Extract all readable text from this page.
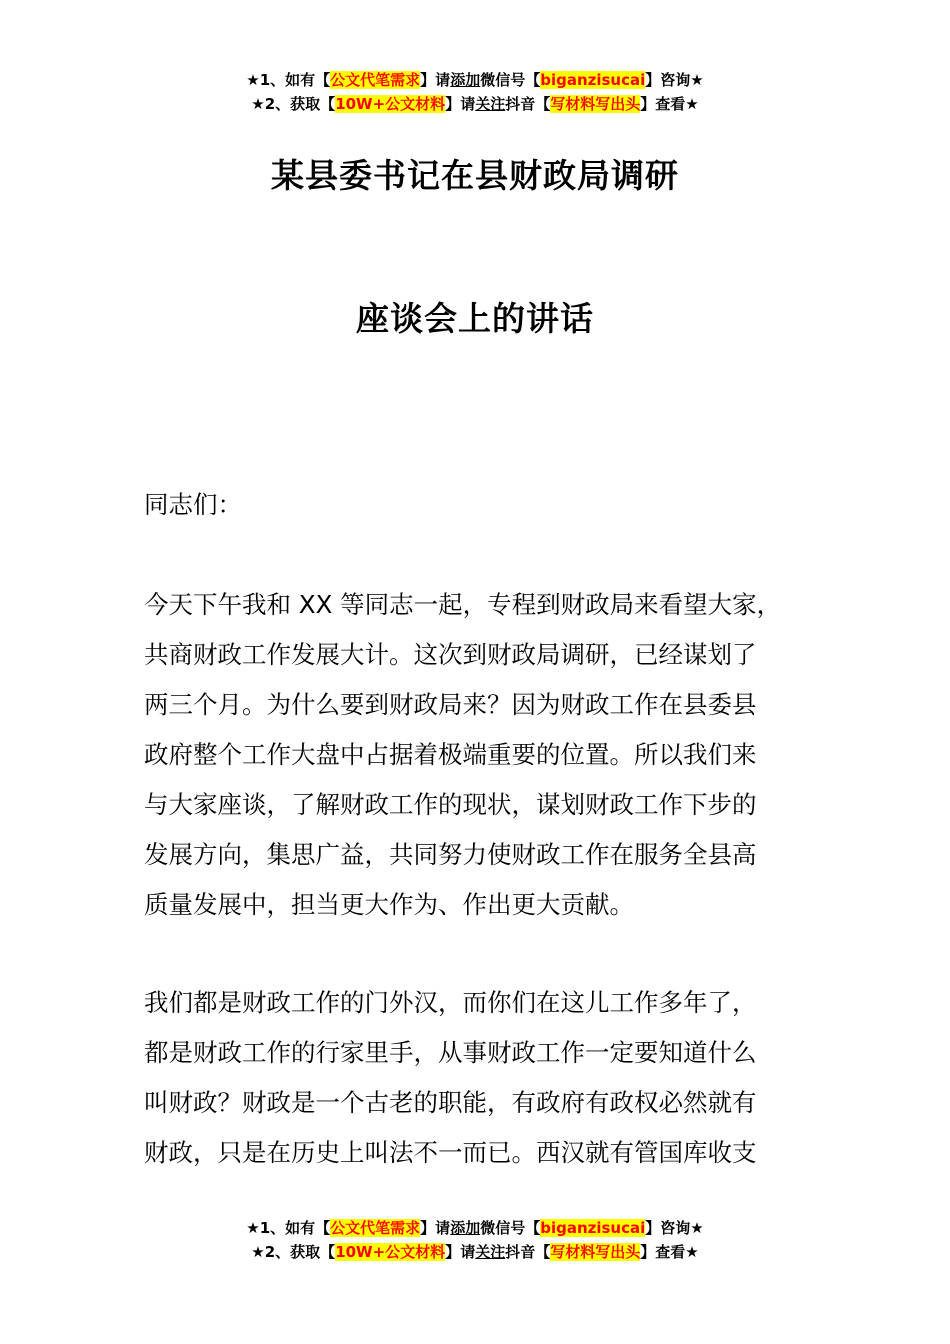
★1、如有【公文代笔需求】请添加微信号【biganzisucai】咨询★
★2、获取【10W+公文材料】请关注抖音【写材料写出头】查看★
某县委书记在县财政局调研
座谈会上的讲话
同志们：
今天下午我和 XX 等同志一起，专程到财政局来看望大家，
共商财政工作发展大计。这次到财政局调研，已经谋划了
两三个月。为什么要到财政局来？因为财政工作在县委县
政府整个工作大盘中占据着极端重要的位置。所以我们来
与大家座谈，了解财政工作的现状，谋划财政工作下步的
发展方向，集思广益，共同努力使财政工作在服务全县高
质量发展中，担当更大作为、作出更大贡献。
我们都是财政工作的门外汉，而你们在这儿工作多年了，
都是财政工作的行家里手，从事财政工作一定要知道什么
叫财政？财政是一个古老的职能，有政府有政权必然就有
财政，只是在历史上叫法不一而已。西汉就有管国库收支
★1、如有【公文代笔需求】请添加微信号【biganzisucai】咨询★
★2、获取【10W+公文材料】请关注抖音【写材料写出头】查看★
